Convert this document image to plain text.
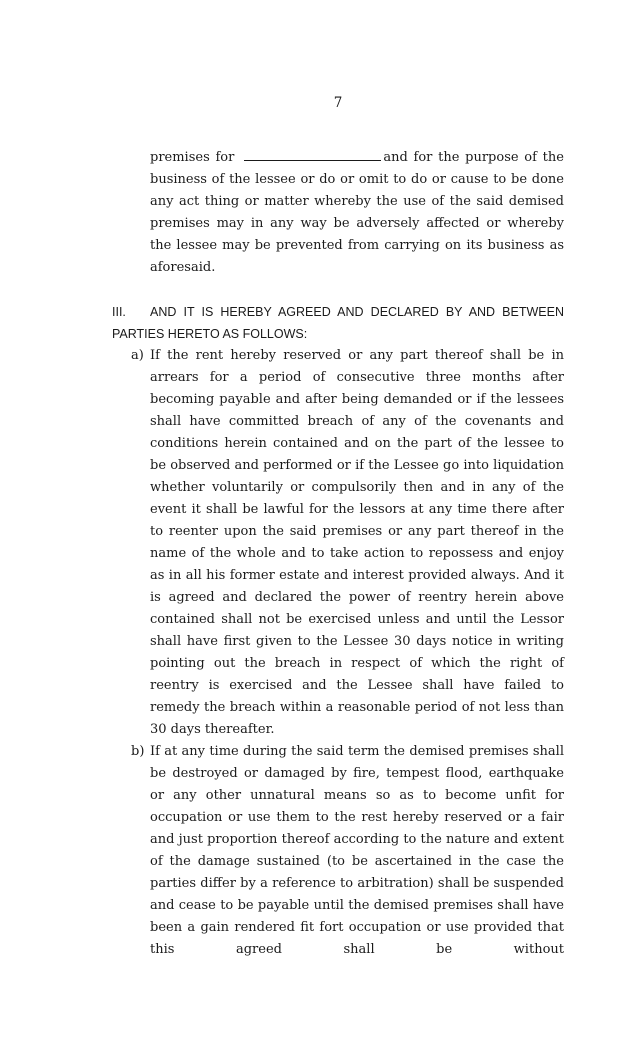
7
premises for	and for the purpose of the business of the lessee or do or omit to do or cause to be done any act thing or matter whereby the use of the said demised premises may in any way be adversely affected or whereby the lessee may be prevented from carrying on its business as aforesaid.
III.	AND IT IS HEREBY AGREED AND DECLARED BY AND BETWEEN
PARTIES HERETO AS FOLLOWS:
a) If the rent hereby reserved or any part thereof shall be in arrears for a period of consecutive three months after becoming payable and after being demanded or if the lessees shall have committed breach of any of the covenants and conditions herein contained and on the part of the lessee to be observed and performed or if the Lessee go into liquidation whether voluntarily or compulsorily then and in any of the event it shall be lawful for the lessors at any time there after to reenter upon the said premises or any part thereof in the name of the whole and to take action to repossess and enjoy as in all his former estate and interest provided always. And it is agreed and declared the power of reentry herein above contained shall not be exercised unless and until the Lessor shall have first given to the Lessee 30 days notice in writing pointing out the breach in respect of which the right of reentry is exercised and the Lessee shall have failed to remedy the breach within a reasonable period of not less than 30 days thereafter.
b) If at any time during the said term the demised premises shall be destroyed or damaged by fire, tempest flood, earthquake or any other unnatural means so as to become unfit for occupation or use them to the rest hereby reserved or a fair and just proportion thereof according to the nature and extent of the damage sustained (to be ascertained in the case the parties differ by a reference to arbitration) shall be suspended and cease to be payable until the demised premises shall have been a gain rendered fit fort occupation or use provided that this agreed shall be without
